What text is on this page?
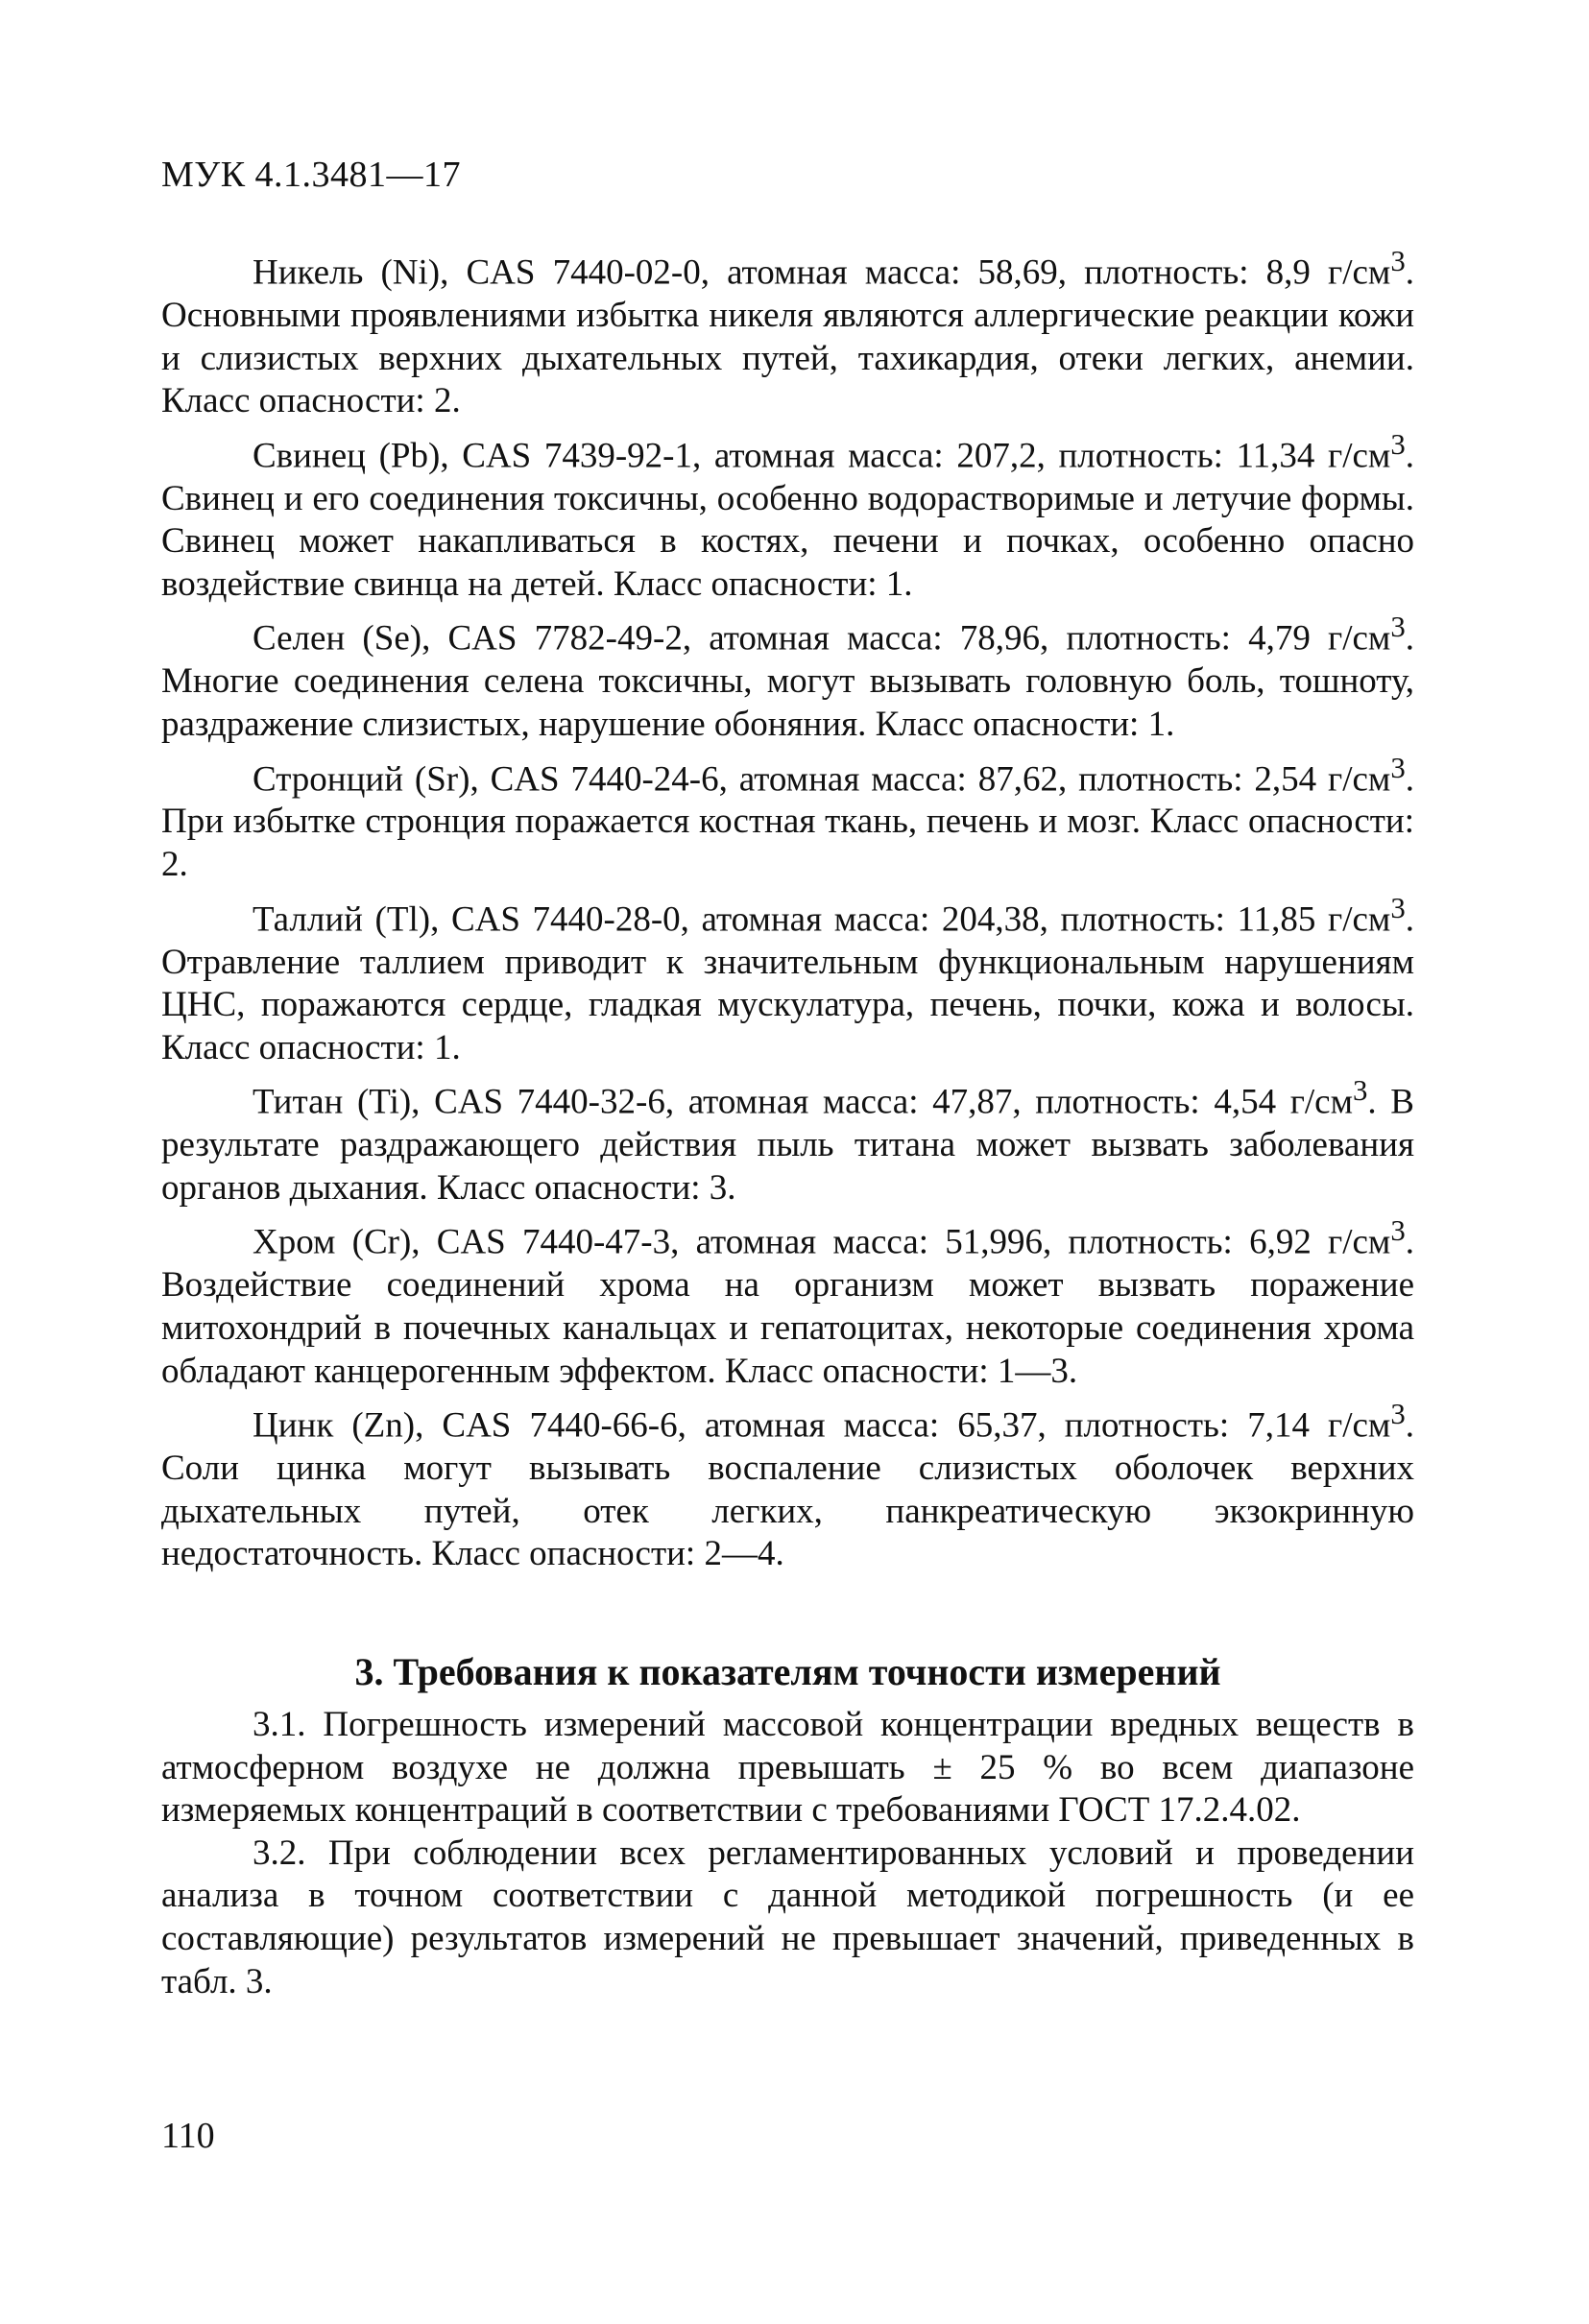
МУК 4.1.3481—17

Никель (Ni), CAS 7440-02-0, атомная масса: 58,69, плотность: 8,9 $г/см^3$. Основными проявлениями избытка никеля являются аллергические реакции кожи и слизистых верхних дыхательных путей, тахикардия, отеки легких, анемии. Класс опасности: 2.

Свинец (Pb), CAS 7439-92-1, атомная масса: 207,2, плотность: 11,34 $г/см^3$. Свинец и его соединения токсичны, особенно водорастворимые и летучие формы. Свинец может накапливаться в костях, печени и почках, особенно опасно воздействие свинца на детей. Класс опасности: 1.

Селен (Se), CAS 7782-49-2, атомная масса: 78,96, плотность: 4,79 $г/см^3$. Многие соединения селена токсичны, могут вызывать головную боль, тошноту, раздражение слизистых, нарушение обоняния. Класс опасности: 1.

Стронций (Sr), CAS 7440-24-6, атомная масса: 87,62, плотность: 2,54 $г/см^3$. При избытке стронция поражается костная ткань, печень и мозг. Класс опасности: 2.

Таллий (Tl), CAS 7440-28-0, атомная масса: 204,38, плотность: 11,85 $г/см^3$. Отравление таллием приводит к значительным функциональным нарушениям ЦНС, поражаются сердце, гладкая мускулатура, печень, почки, кожа и волосы. Класс опасности: 1.

Титан (Ti), CAS 7440-32-6, атомная масса: 47,87, плотность: 4,54 $г/см^3$. В результате раздражающего действия пыль титана может вызвать заболевания органов дыхания. Класс опасности: 3.

Хром (Cr), CAS 7440-47-3, атомная масса: 51,996, плотность: 6,92 $г/см^3$. Воздействие соединений хрома на организм может вызвать поражение митохондрий в почечных канальцах и гепатоцитах, некоторые соединения хрома обладают канцерогенным эффектом. Класс опасности: 1—3.

Цинк (Zn), CAS 7440-66-6, атомная масса: 65,37, плотность: 7,14 $г/см^3$. Соли цинка могут вызывать воспаление слизистых оболочек верхних дыхательных путей, отек легких, панкреатическую экзокринную недостаточность. Класс опасности: 2—4.

3. Требования к показателям точности измерений

3.1. Погрешность измерений массовой концентрации вредных веществ в атмосферном воздухе не должна превышать ± 25 % во всем диапазоне измеряемых концентраций в соответствии с требованиями ГОСТ 17.2.4.02.

3.2. При соблюдении всех регламентированных условий и проведении анализа в точном соответствии с данной методикой погрешность (и ее составляющие) результатов измерений не превышает значений, приведенных в табл. 3.

110
